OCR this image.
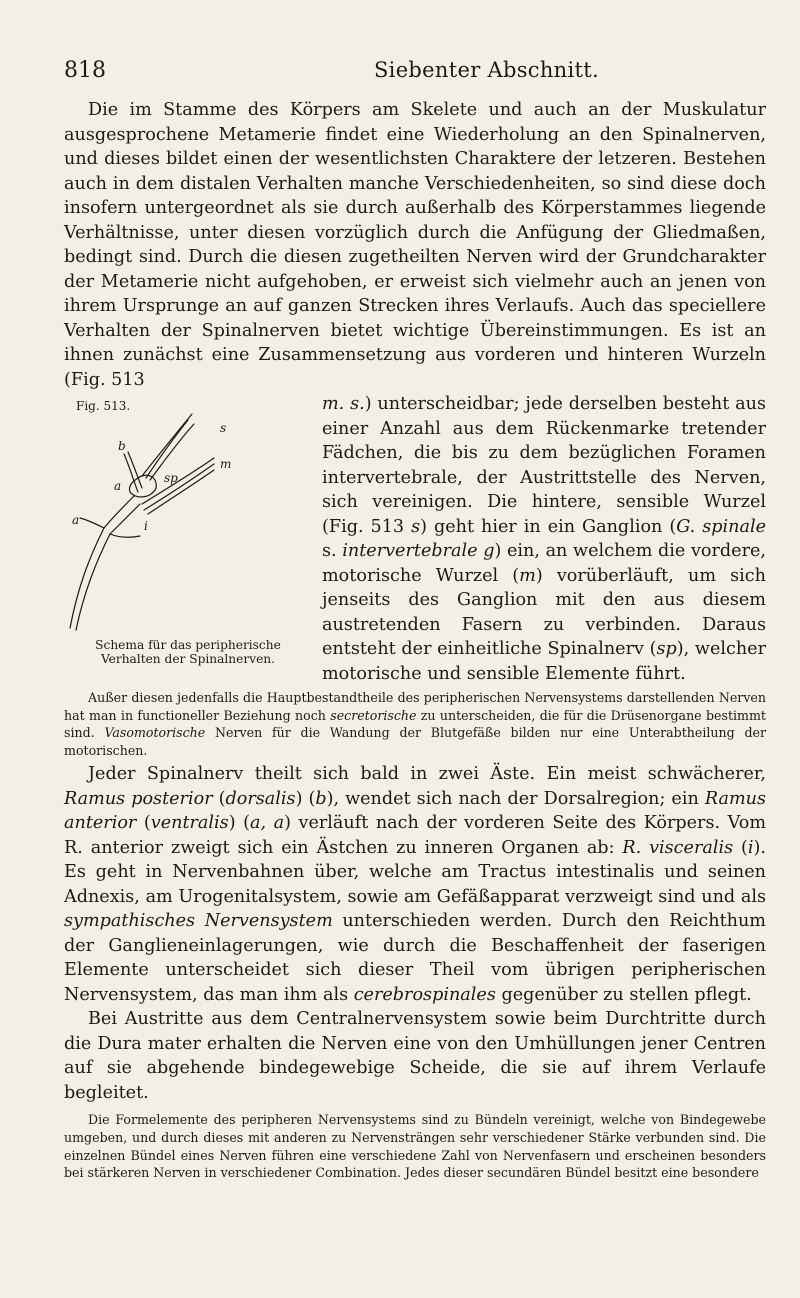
818	Siebenter Abschnitt.

Die im Stamme des Körpers am Skelete und auch an der Muskulatur ausgesprochene Metamerie findet eine Wiederholung an den Spinalnerven, und dieses bildet einen der wesentlichsten Charaktere der letzeren. Bestehen auch in dem distalen Verhalten manche Verschiedenheiten, so sind diese doch insofern untergeordnet als sie durch außerhalb des Körperstammes liegende Verhältnisse, unter diesen vorzüglich durch die Anfügung der Gliedmaßen, bedingt sind. Durch die diesen zugetheilten Nerven wird der Grundcharakter der Metamerie nicht aufgehoben, er erweist sich vielmehr auch an jenen von ihrem Ursprunge an auf ganzen Strecken ihres Verlaufs. Auch das speciellere Verhalten der Spinalnerven bietet wichtige Übereinstimmungen. Es ist an ihnen zunächst eine Zusammensetzung aus vorderen und hinteren Wurzeln (Fig. 513

Fig. 513.
s
m
sp
b
a
a	i
Schema für das peripherische Verhalten der Spinalnerven.

m. s.) unterscheidbar; jede derselben besteht aus einer Anzahl aus dem Rückenmarke tretender Fädchen, die bis zu dem bezüglichen Foramen intervertebrale, der Austrittstelle des Nerven, sich vereinigen. Die hintere, sensible Wurzel (Fig. 513 s) geht hier in ein Ganglion (G. spinale s. intervertebrale g) ein, an welchem die vordere, motorische Wurzel (m) vorüberläuft, um sich jenseits des Ganglion mit den aus diesem austretenden Fasern zu verbinden. Daraus entsteht der einheitliche Spinalnerv (sp), welcher motorische und sensible Elemente führt.

Außer diesen jedenfalls die Hauptbestandtheile des peripherischen Nervensystems darstellenden Nerven hat man in functioneller Beziehung noch secretorische zu unterscheiden, die für die Drüsenorgane bestimmt sind. Vasomotorische Nerven für die Wandung der Blutgefäße bilden nur eine Unterabtheilung der motorischen.

Jeder Spinalnerv theilt sich bald in zwei Äste. Ein meist schwächerer, Ramus posterior (dorsalis) (b), wendet sich nach der Dorsalregion; ein Ramus anterior (ventralis) (a, a) verläuft nach der vorderen Seite des Körpers. Vom R. anterior zweigt sich ein Ästchen zu inneren Organen ab: R. visceralis (i). Es geht in Nervenbahnen über, welche am Tractus intestinalis und seinen Adnexis, am Urogenitalsystem, sowie am Gefäßapparat verzweigt sind und als sympathisches Nervensystem unterschieden werden. Durch den Reichthum der Ganglieneinlagerungen, wie durch die Beschaffenheit der faserigen Elemente unterscheidet sich dieser Theil vom übrigen peripherischen Nervensystem, das man ihm als cerebrospinales gegenüber zu stellen pflegt.

Bei Austritte aus dem Centralnervensystem sowie beim Durchtritte durch die Dura mater erhalten die Nerven eine von den Umhüllungen jener Centren auf sie abgehende bindegewebige Scheide, die sie auf ihrem Verlaufe begleitet.

Die Formelemente des peripheren Nervensystems sind zu Bündeln vereinigt, welche von Bindegewebe umgeben, und durch dieses mit anderen zu Nervensträngen sehr verschiedener Stärke verbunden sind. Die einzelnen Bündel eines Nerven führen eine verschiedene Zahl von Nervenfasern und erscheinen besonders bei stärkeren Nerven in verschiedener Combination. Jedes dieser secundären Bündel besitzt eine besondere
